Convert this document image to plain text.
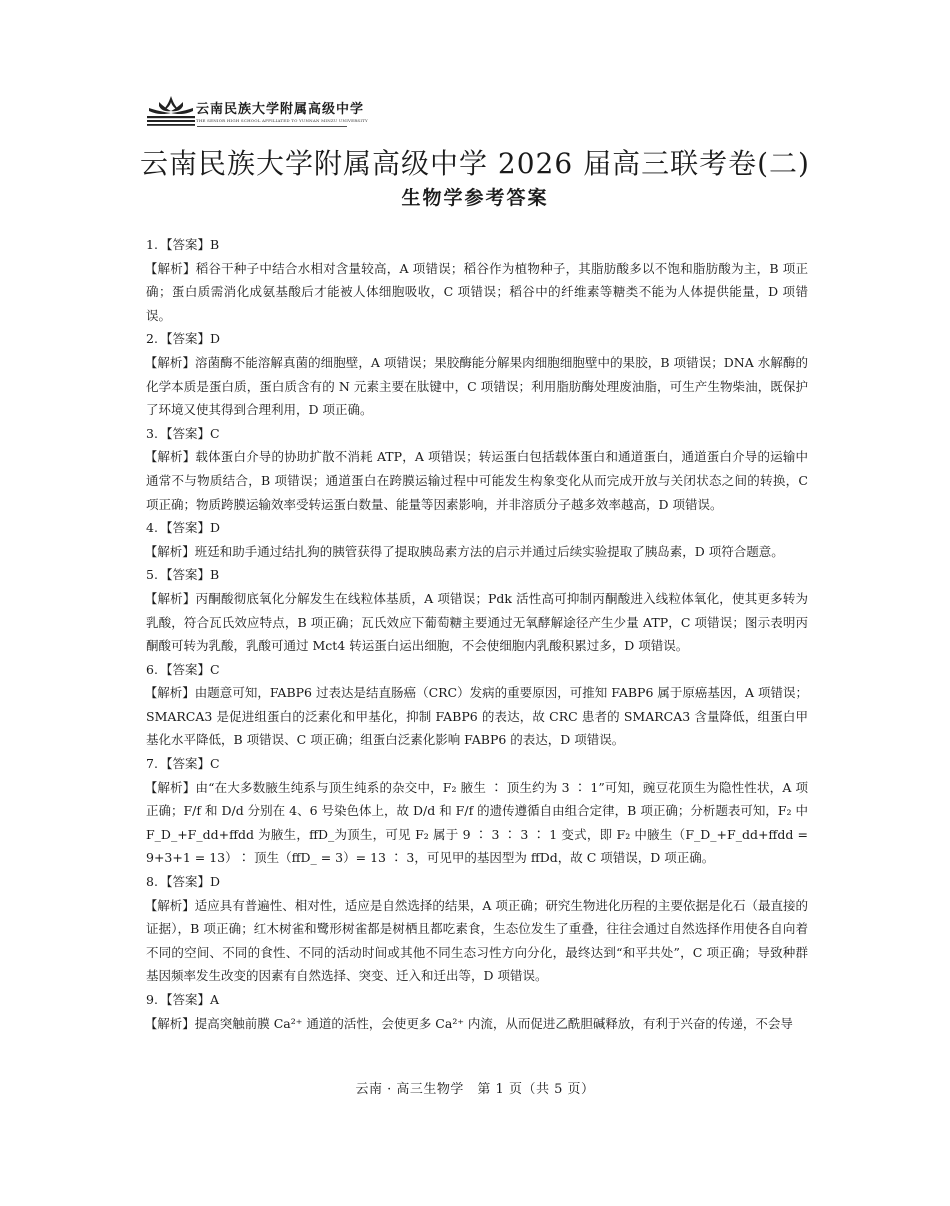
云南民族大学附属高级中学
THE SENIOR HIGH SCHOOL AFFILIATED TO YUNNAN MINZU UNIVERSITY
云南民族大学附属高级中学 2026 届高三联考卷(二)
生物学参考答案
1. 【答案】B
【解析】稻谷干种子中结合水相对含量较高，A 项错误；稻谷作为植物种子，其脂肪酸多以不饱和脂肪酸为主，B 项正确；蛋白质需消化成氨基酸后才能被人体细胞吸收，C 项错误；稻谷中的纤维素等糖类不能为人体提供能量，D 项错误。
2. 【答案】D
【解析】溶菌酶不能溶解真菌的细胞壁，A 项错误；果胶酶能分解果肉细胞细胞壁中的果胶，B 项错误；DNA 水解酶的化学本质是蛋白质，蛋白质含有的 N 元素主要在肽键中，C 项错误；利用脂肪酶处理废油脂，可生产生物柴油，既保护了环境又使其得到合理利用，D 项正确。
3. 【答案】C
【解析】载体蛋白介导的协助扩散不消耗 ATP，A 项错误；转运蛋白包括载体蛋白和通道蛋白，通道蛋白介导的运输中通常不与物质结合，B 项错误；通道蛋白在跨膜运输过程中可能发生构象变化从而完成开放与关闭状态之间的转换，C 项正确；物质跨膜运输效率受转运蛋白数量、能量等因素影响，并非溶质分子越多效率越高，D 项错误。
4. 【答案】D
【解析】班廷和助手通过结扎狗的胰管获得了提取胰岛素方法的启示并通过后续实验提取了胰岛素，D 项符合题意。
5. 【答案】B
【解析】丙酮酸彻底氧化分解发生在线粒体基质，A 项错误；Pdk 活性高可抑制丙酮酸进入线粒体氧化，使其更多转为乳酸，符合瓦氏效应特点，B 项正确；瓦氏效应下葡萄糖主要通过无氧酵解途径产生少量 ATP，C 项错误；图示表明丙酮酸可转为乳酸，乳酸可通过 Mct4 转运蛋白运出细胞，不会使细胞内乳酸积累过多，D 项错误。
6. 【答案】C
【解析】由题意可知，FABP6 过表达是结直肠癌（CRC）发病的重要原因，可推知 FABP6 属于原癌基因，A 项错误；SMARCA3 是促进组蛋白的泛素化和甲基化，抑制 FABP6 的表达，故 CRC 患者的 SMARCA3 含量降低，组蛋白甲基化水平降低，B 项错误、C 项正确；组蛋白泛素化影响 FABP6 的表达，D 项错误。
7. 【答案】C
【解析】由“在大多数腋生纯系与顶生纯系的杂交中，F₂ 腋生 ∶ 顶生约为 3 ∶ 1”可知，豌豆花顶生为隐性性状，A 项正确；F/f 和 D/d 分别在 4、6 号染色体上，故 D/d 和 F/f 的遗传遵循自由组合定律，B 项正确；分析题表可知，F₂ 中 F_D_+F_dd+ffdd 为腋生，ffD_为顶生，可见 F₂ 属于 9 ∶ 3 ∶ 3 ∶ 1 变式，即 F₂ 中腋生（F_D_+F_dd+ffdd = 9+3+1 = 13）∶ 顶生（ffD_ = 3）= 13 ∶ 3，可见甲的基因型为 ffDd，故 C 项错误，D 项正确。
8. 【答案】D
【解析】适应具有普遍性、相对性，适应是自然选择的结果，A 项正确；研究生物进化历程的主要依据是化石（最直接的证据），B 项正确；红木树雀和鹭形树雀都是树栖且都吃素食，生态位发生了重叠，往往会通过自然选择作用使各自向着不同的空间、不同的食性、不同的活动时间或其他不同生态习性方向分化，最终达到“和平共处”，C 项正确；导致种群基因频率发生改变的因素有自然选择、突变、迁入和迁出等，D 项错误。
9. 【答案】A
【解析】提高突触前膜 Ca²⁺ 通道的活性，会使更多 Ca²⁺ 内流，从而促进乙酰胆碱释放，有利于兴奋的传递，不会导
云南 · 高三生物学　第 1 页（共 5 页）
